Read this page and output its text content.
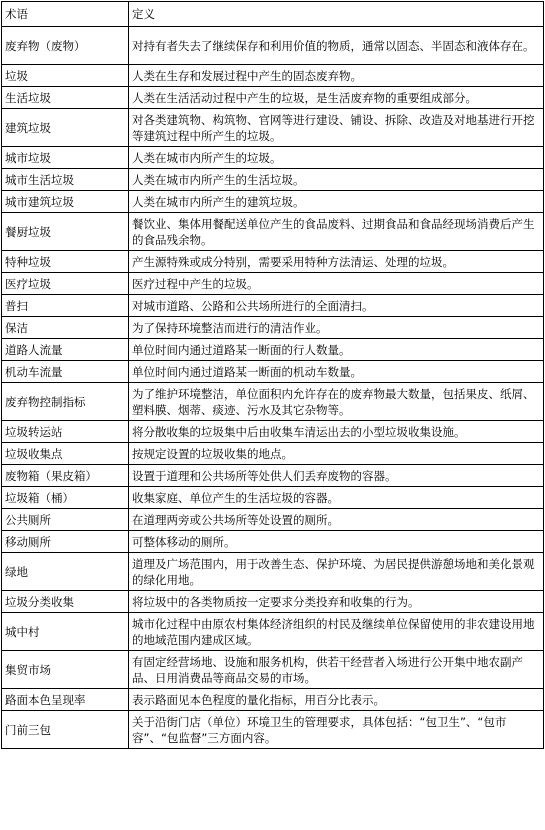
术语	定义
废弃物（废物）	对持有者失去了继续保存和利用价值的物质，通常以固态、半固态和液体存在。
垃圾	人类在生存和发展过程中产生的固态废弃物。
生活垃圾	人类在生活活动过程中产生的垃圾，是生活废弃物的重要组成部分。
建筑垃圾	对各类建筑物、构筑物、官网等进行建设、铺设、拆除、改造及对地基进行开挖等建筑过程中所产生的垃圾。
城市垃圾	人类在城市内所产生的垃圾。
城市生活垃圾	人类在城市内所产生的生活垃圾。
城市建筑垃圾	人类在城市内所产生的建筑垃圾。
餐厨垃圾	餐饮业、集体用餐配送单位产生的食品废料、过期食品和食品经现场消费后产生的食品残余物。
特种垃圾	产生源特殊或成分特别，需要采用特种方法清运、处理的垃圾。
医疗垃圾	医疗过程中产生的垃圾。
普扫	对城市道路、公路和公共场所进行的全面清扫。
保洁	为了保持环境整洁而进行的清洁作业。
道路人流量	单位时间内通过道路某一断面的行人数量。
机动车流量	单位时间内通过道路某一断面的机动车数量。
废弃物控制指标	为了维护环境整洁，单位面积内允许存在的废弃物最大数量，包括果皮、纸屑、塑料膜、烟蒂、痰迹、污水及其它杂物等。
垃圾转运站	将分散收集的垃圾集中后由收集车清运出去的小型垃圾收集设施。
垃圾收集点	按规定设置的垃圾收集的地点。
废物箱（果皮箱）	设置于道理和公共场所等处供人们丢弃废物的容器。
垃圾箱（桶）	收集家庭、单位产生的生活垃圾的容器。
公共厕所	在道理两旁或公共场所等处设置的厕所。
移动厕所	可整体移动的厕所。
绿地	道理及广场范围内，用于改善生态、保护环境、为居民提供游憩场地和美化景观的绿化用地。
垃圾分类收集	将垃圾中的各类物质按一定要求分类投弃和收集的行为。
城中村	城市化过程中由原农村集体经济组织的村民及继续单位保留使用的非农建设用地的地域范围内建成区域。
集贸市场	有固定经营场地、设施和服务机构，供若干经营者入场进行公开集中地农副产品、日用消费品等商品交易的市场。
路面本色呈现率	表示路面见本色程度的量化指标，用百分比表示。
门前三包	关于沿街门店（单位）环境卫生的管理要求，具体包括：“包卫生”、“包市容”、“包监督”三方面内容。
